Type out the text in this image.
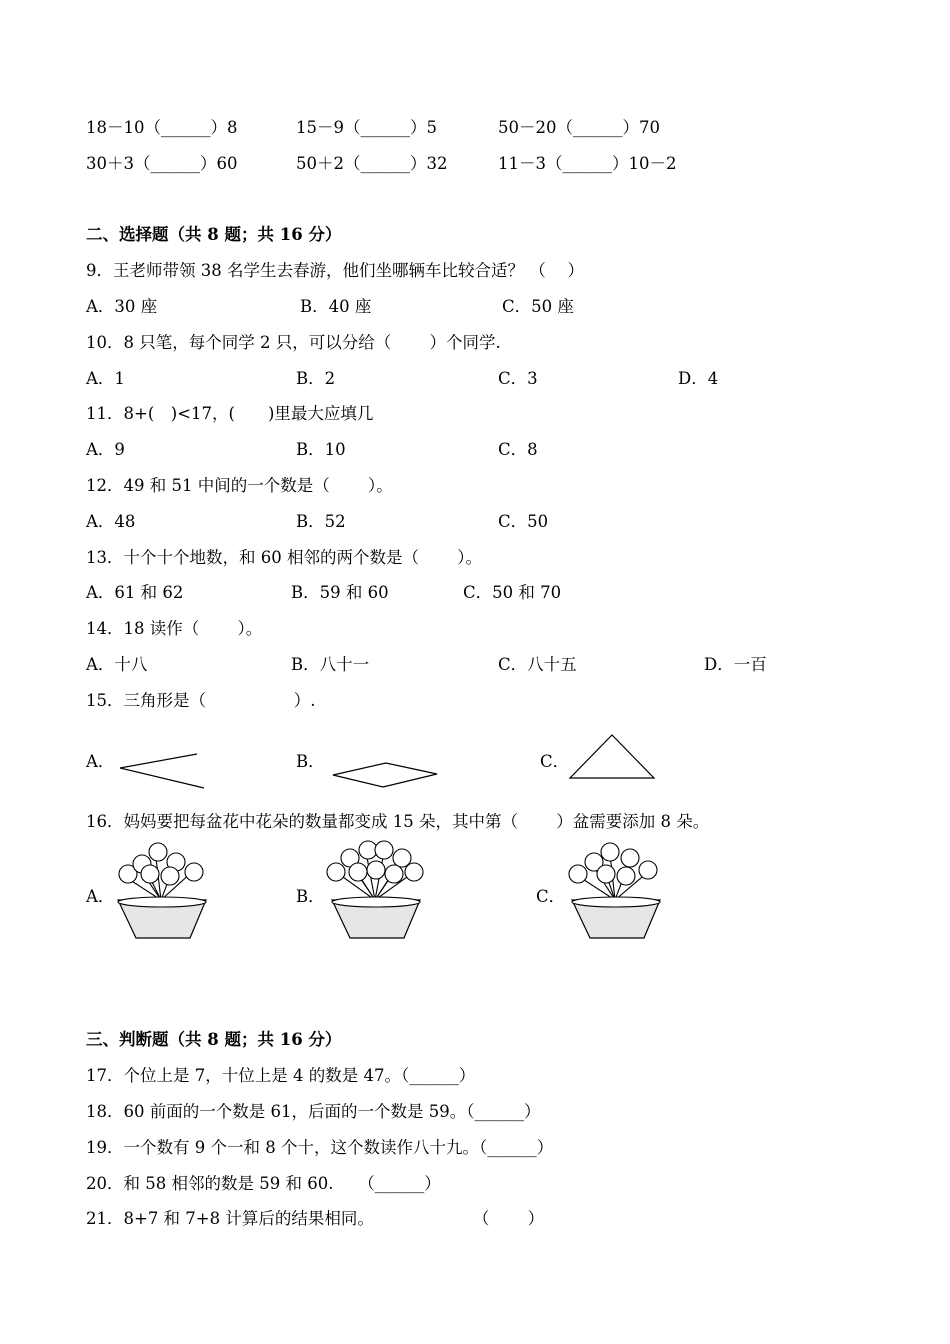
18－10（______）8	15－9（______）5	50－20（______）70
30＋3（______）60	50＋2（______）32	11－3（______）10－2
二、选择题（共 8 题；共 16 分）
9．王老师带领 38 名学生去春游，他们坐哪辆车比较合适？ （　 ）
A．30 座	B．40 座	C．50 座
10．8 只笔，每个同学 2 只，可以分给（　　 ）个同学.
A．1	B．2	C．3	D．4
11．8+(　)<17，(　　)里最大应填几
A．9	B．10	C．8
12．49 和 51 中间的一个数是（　　 ）。
A．48	B．52	C．50
13．十个十个地数，和 60 相邻的两个数是（　　 ）。
A．61 和 62	B．59 和 60	C．50 和 70
14．18 读作（　　 ）。
A．十八	B．八十一	C．八十五	D．一百
15．三角形是（　　　　　 ）.
A．	B．	C．
16．妈妈要把每盆花中花朵的数量都变成 15 朵，其中第（　　 ）盆需要添加 8 朵。
A．	B．	C．
三、判断题（共 8 题；共 16 分）
17．个位上是 7，十位上是 4 的数是 47。（______）
18．60 前面的一个数是 61，后面的一个数是 59。（______）
19．一个数有 9 个一和 8 个十，这个数读作八十九。（______）
20．和 58 相邻的数是 59 和 60.　　（______）
21．8+7 和 7+8 计算后的结果相同。　　　　　　　（　　 ）
